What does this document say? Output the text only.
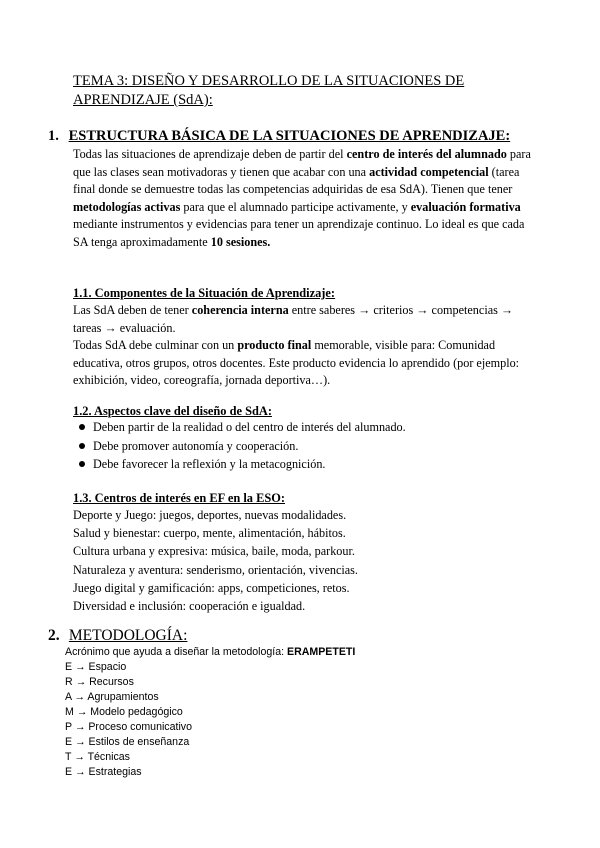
TEMA 3: DISEÑO Y DESARROLLO DE LA SITUACIONES DE APRENDIZAJE (SdA):
1. ESTRUCTURA BÁSICA DE LA SITUACIONES DE APRENDIZAJE:
Todas las situaciones de aprendizaje deben de partir del centro de interés del alumnado para que las clases sean motivadoras y tienen que acabar con una actividad competencial (tarea final donde se demuestre todas las competencias adquiridas de esa SdA). Tienen que tener metodologías activas para que el alumnado participe activamente, y evaluación formativa mediante instrumentos y evidencias para tener un aprendizaje continuo. Lo ideal es que cada SA tenga aproximadamente 10 sesiones.
1.1. Componentes de la Situación de Aprendizaje:
Las SdA deben de tener coherencia interna entre saberes → criterios → competencias → tareas → evaluación.
Todas SdA debe culminar con un producto final memorable, visible para: Comunidad educativa, otros grupos, otros docentes. Este producto evidencia lo aprendido (por ejemplo: exhibición, video, coreografía, jornada deportiva…).
1.2. Aspectos clave del diseño de SdA:
Deben partir de la realidad o del centro de interés del alumnado.
Debe promover autonomía y cooperación.
Debe favorecer la reflexión y la metacognición.
1.3. Centros de interés en EF en la ESO:
Deporte y Juego: juegos, deportes, nuevas modalidades.
Salud y bienestar: cuerpo, mente, alimentación, hábitos.
Cultura urbana y expresiva: música, baile, moda, parkour.
Naturaleza y aventura: senderismo, orientación, vivencias.
Juego digital y gamificación: apps, competiciones, retos.
Diversidad e inclusión: cooperación e igualdad.
2. METODOLOGÍA:
Acrónimo que ayuda a diseñar la metodología: ERAMPETETI
E → Espacio
R → Recursos
A → Agrupamientos
M → Modelo pedagógico
P → Proceso comunicativo
E → Estilos de enseñanza
T → Técnicas
E → Estrategias
